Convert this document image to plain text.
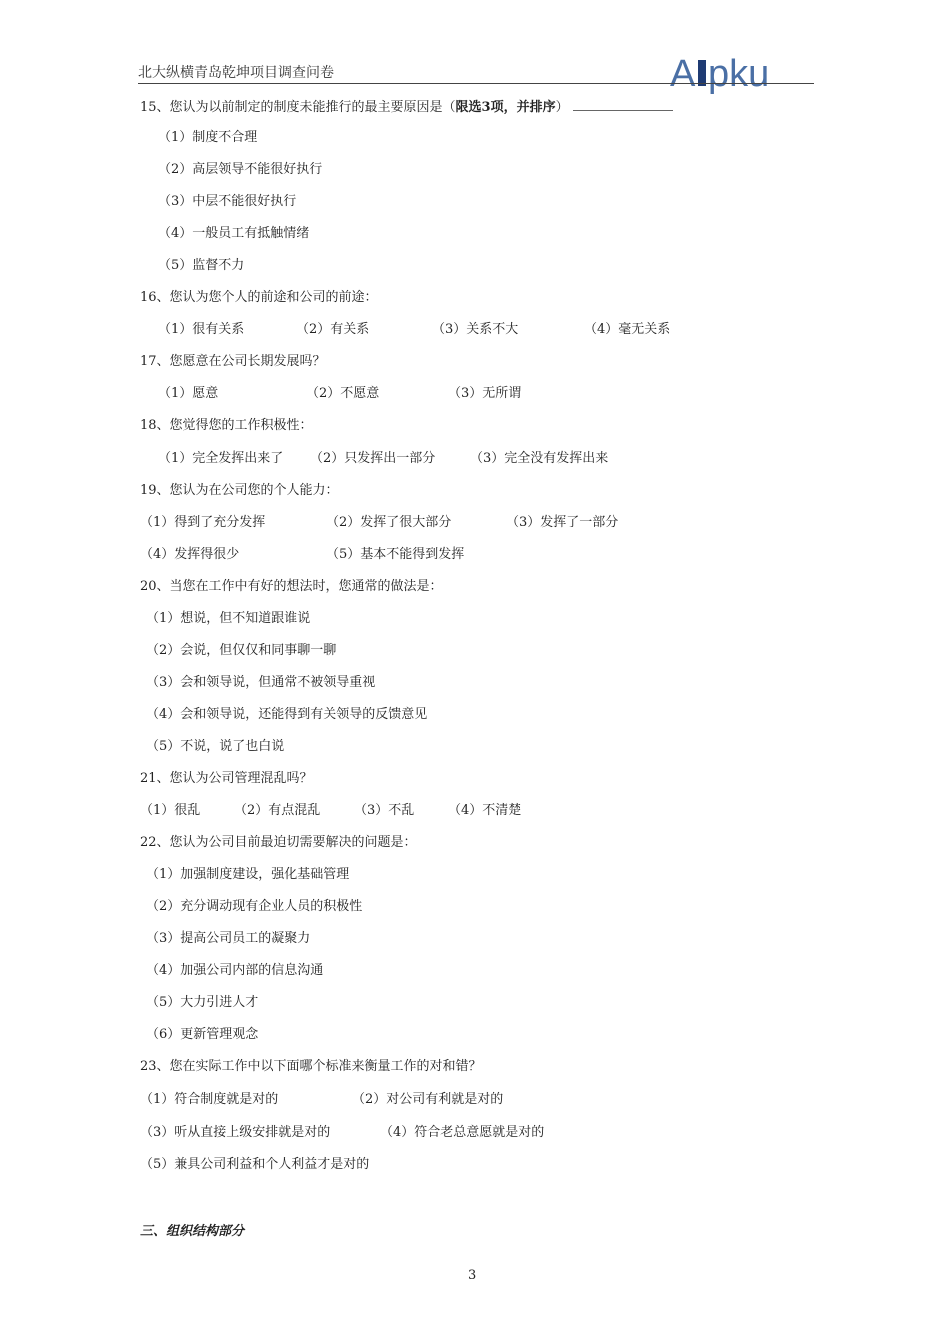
北大纵横青岛乾坤项目调查问卷	A pku
15、您认为以前制定的制度未能推行的最主要原因是（限选3项，并排序）
（1）制度不合理
（2）高层领导不能很好执行
（3）中层不能很好执行
（4）一般员工有抵触情绪
（5）监督不力
16、您认为您个人的前途和公司的前途：
（1）很有关系	（2）有关系	（3）关系不大	（4）毫无关系
17、您愿意在公司长期发展吗？
（1）愿意	（2）不愿意	（3）无所谓
18、您觉得您的工作积极性：
（1）完全发挥出来了 （2）只发挥出一部分	（3）完全没有发挥出来
19、您认为在公司您的个人能力：
（1）得到了充分发挥	（2）发挥了很大部分	（3）发挥了一部分
（4）发挥得很少	（5）基本不能得到发挥
20、当您在工作中有好的想法时，您通常的做法是：
（1）想说，但不知道跟谁说
（2）会说，但仅仅和同事聊一聊
（3）会和领导说，但通常不被领导重视
（4）会和领导说，还能得到有关领导的反馈意见
（5）不说，说了也白说
21、您认为公司管理混乱吗？
（1）很乱	（2）有点混乱	（3）不乱	（4）不清楚
22、您认为公司目前最迫切需要解决的问题是：
（1）加强制度建设，强化基础管理
（2）充分调动现有企业人员的积极性
（3）提高公司员工的凝聚力
（4）加强公司内部的信息沟通
（5）大力引进人才
（6）更新管理观念
23、您在实际工作中以下面哪个标准来衡量工作的对和错？
（1）符合制度就是对的	（2）对公司有利就是对的
（3）听从直接上级安排就是对的	（4）符合老总意愿就是对的
（5）兼具公司利益和个人利益才是对的
三、组织结构部分
3
